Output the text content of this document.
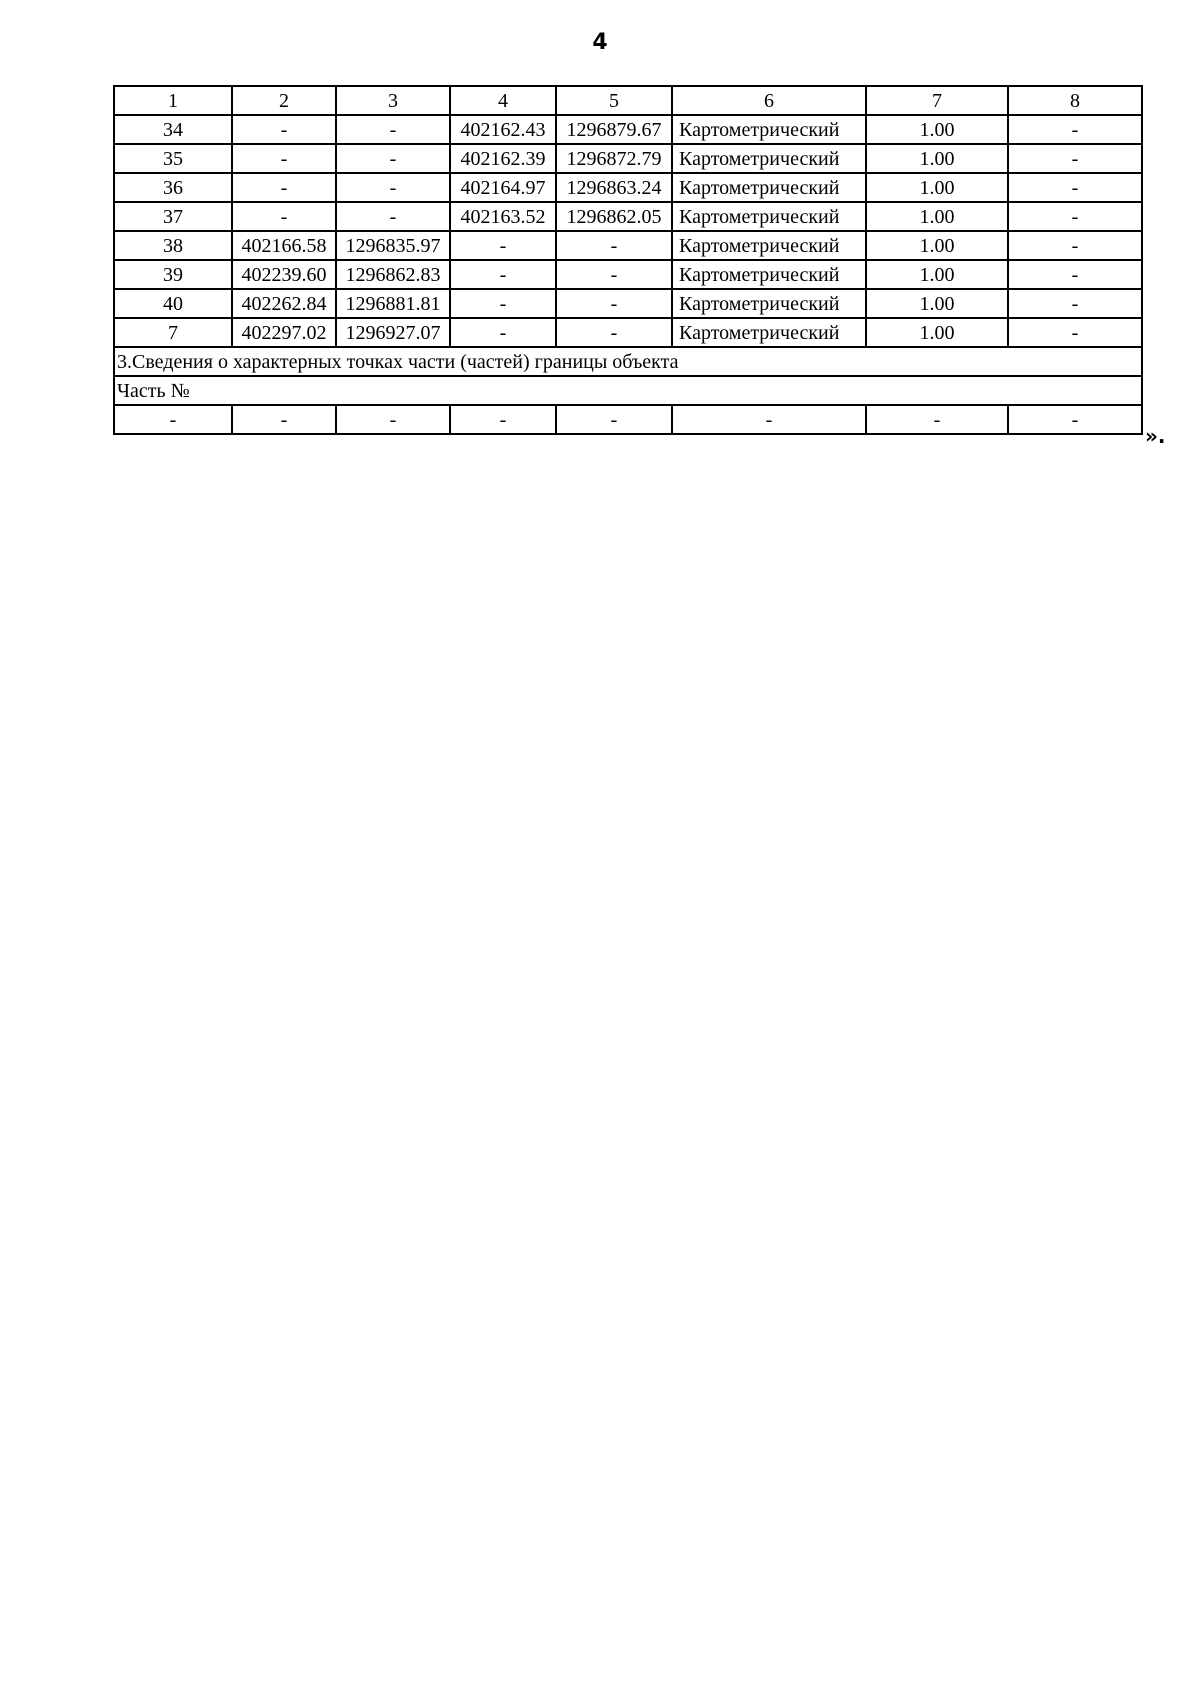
4
1	2	3	4	5	6	7	8
34	-	-	402162.43	1296879.67	Картометрический	1.00	-
35	-	-	402162.39	1296872.79	Картометрический	1.00	-
36	-	-	402164.97	1296863.24	Картометрический	1.00	-
37	-	-	402163.52	1296862.05	Картометрический	1.00	-
38	402166.58	1296835.97	-	-	Картометрический	1.00	-
39	402239.60	1296862.83	-	-	Картометрический	1.00	-
40	402262.84	1296881.81	-	-	Картометрический	1.00	-
7	402297.02	1296927.07	-	-	Картометрический	1.00	-
3.Сведения о характерных точках части (частей) границы объекта							
Часть №							
-	-	-	-	-	-	-	-
».
